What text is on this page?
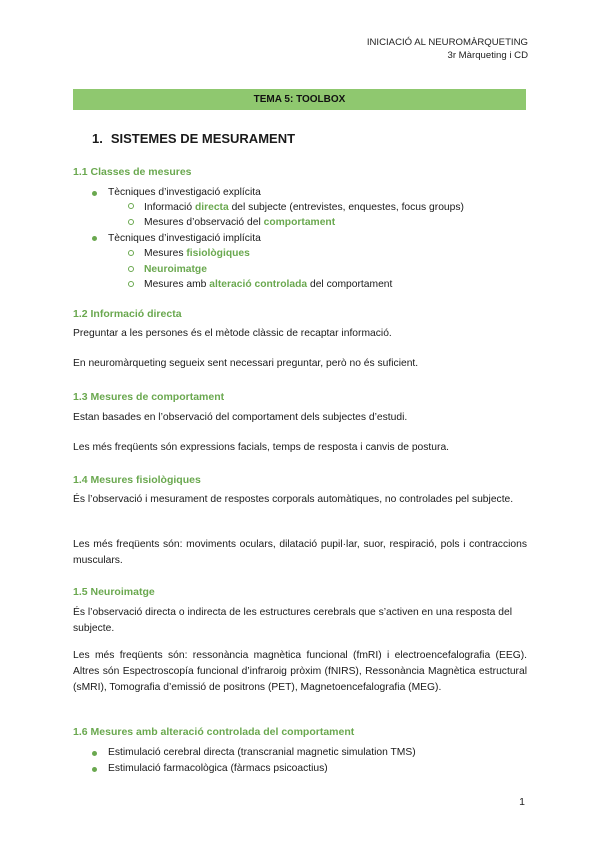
INICIACIÓ AL NEUROMÀRQUETING
3r Màrqueting i CD
TEMA 5: TOOLBOX
1. SISTEMES DE MESURAMENT
1.1 Classes de mesures
Tècniques d’investigació explícita
Informació directa del subjecte (entrevistes, enquestes, focus groups)
Mesures d’observació del comportament
Tècniques d’investigació implícita
Mesures fisiològiques
Neuroimatge
Mesures amb alteració controlada del comportament
1.2 Informació directa
Preguntar a les persones és el mètode clàssic de recaptar informació.
En neuromàrqueting segueix sent necessari preguntar, però no és suficient.
1.3 Mesures de comportament
Estan basades en l’observació del comportament dels subjectes d’estudi.
Les més freqüents són expressions facials, temps de resposta i canvis de postura.
1.4 Mesures fisiològiques
És l’observació i mesurament de respostes corporals automàtiques, no controlades pel subjecte.
Les més freqüents són: moviments oculars, dilatació pupil·lar, suor, respiració, pols i contraccions musculars.
1.5 Neuroimatge
És l’observació directa o indirecta de les estructures cerebrals que s’activen en una resposta del subjecte.
Les més freqüents són: ressonància magnètica funcional (fmRI) i electroencefalografia (EEG). Altres són Espectroscopía funcional d’infraroig pròxim (fNIRS), Ressonància Magnètica estructural (sMRI), Tomografia d’emissió de positrons (PET), Magnetoencefalografia (MEG).
1.6 Mesures amb alteració controlada del comportament
Estimulació cerebral directa (transcranial magnetic simulation TMS)
Estimulació farmacològica (fàrmacs psicoactius)
1
